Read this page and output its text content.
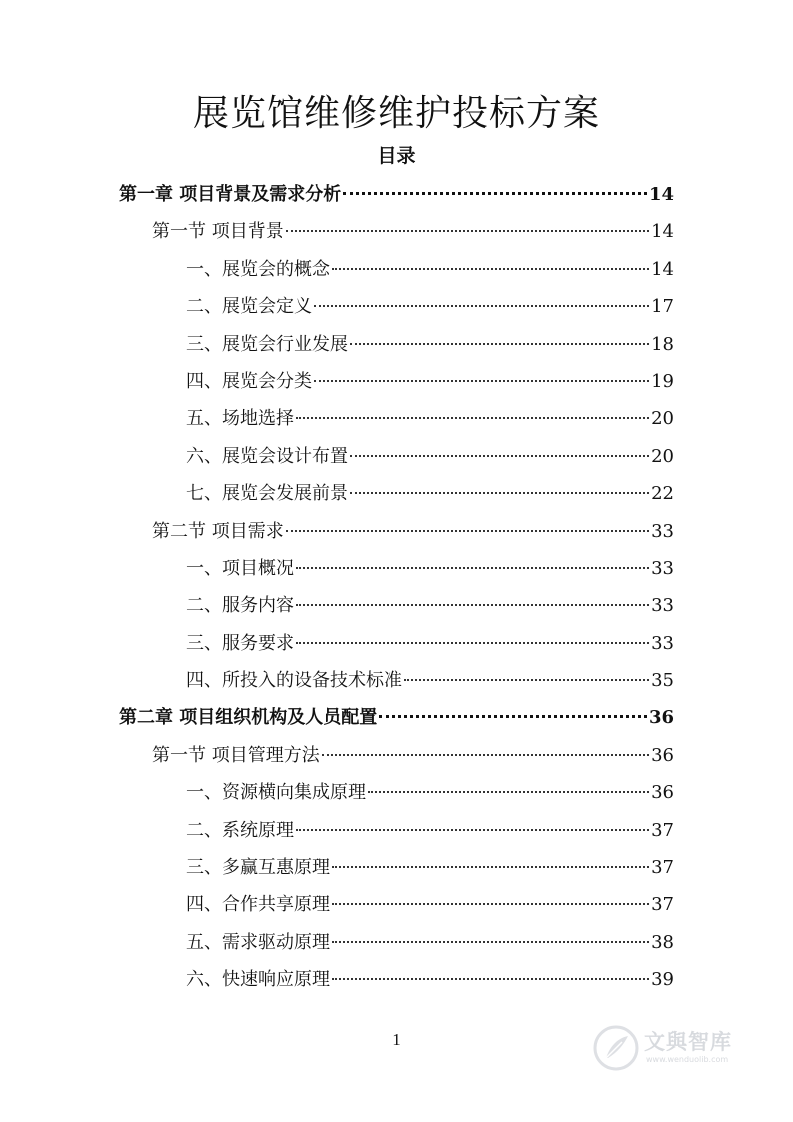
展览馆维修维护投标方案
目录
第一章 项目背景及需求分析	14
第一节 项目背景	14
一、展览会的概念	14
二、展览会定义	17
三、展览会行业发展	18
四、展览会分类	19
五、场地选择	20
六、展览会设计布置	20
七、展览会发展前景	22
第二节 项目需求	33
一、项目概况	33
二、服务内容	33
三、服务要求	33
四、所投入的设备技术标准	35
第二章 项目组织机构及人员配置	36
第一节 项目管理方法	36
一、资源横向集成原理	36
二、系统原理	37
三、多赢互惠原理	37
四、合作共享原理	37
五、需求驱动原理	38
六、快速响应原理	39
1	文與智库
www.wenduolib.com
